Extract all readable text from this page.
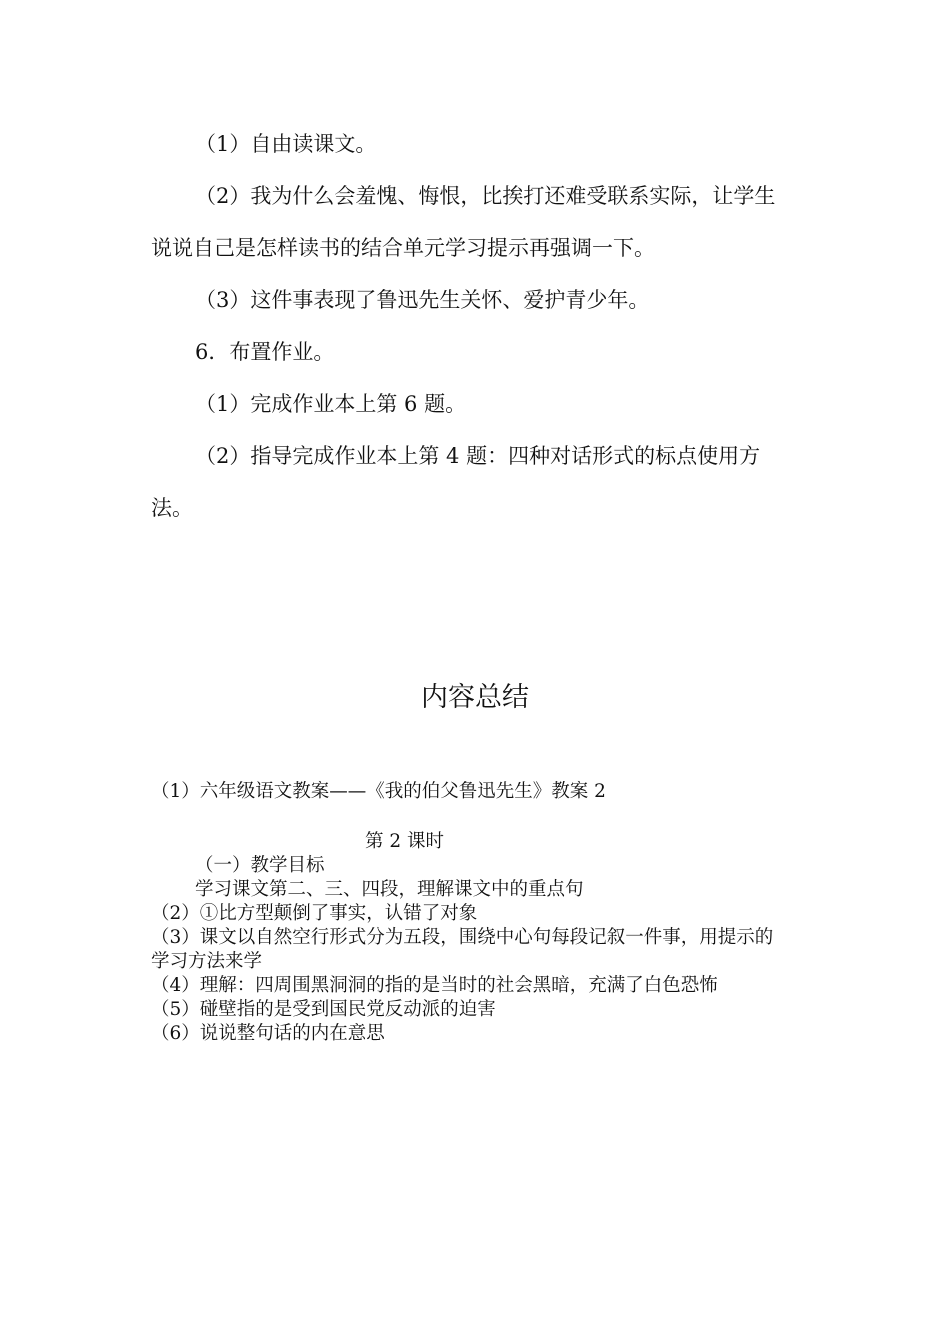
（1）自由读课文。

（2）我为什么会羞愧、悔恨，比挨打还难受联系实际，让学生说说自己是怎样读书的结合单元学习提示再强调一下。

（3）这件事表现了鲁迅先生关怀、爱护青少年。

6．布置作业。

（1）完成作业本上第 6 题。

（2）指导完成作业本上第 4 题：四种对话形式的标点使用方法。

内容总结

（1）六年级语文教案——《我的伯父鲁迅先生》教案 2

第 2 课时

（一）教学目标

学习课文第二、三、四段，理解课文中的重点句

（2）①比方型颠倒了事实，认错了对象

（3）课文以自然空行形式分为五段，围绕中心句每段记叙一件事，用提示的学习方法来学

（4）理解：四周围黑洞洞的指的是当时的社会黑暗，充满了白色恐怖

（5）碰壁指的是受到国民党反动派的迫害

（6）说说整句话的内在意思
